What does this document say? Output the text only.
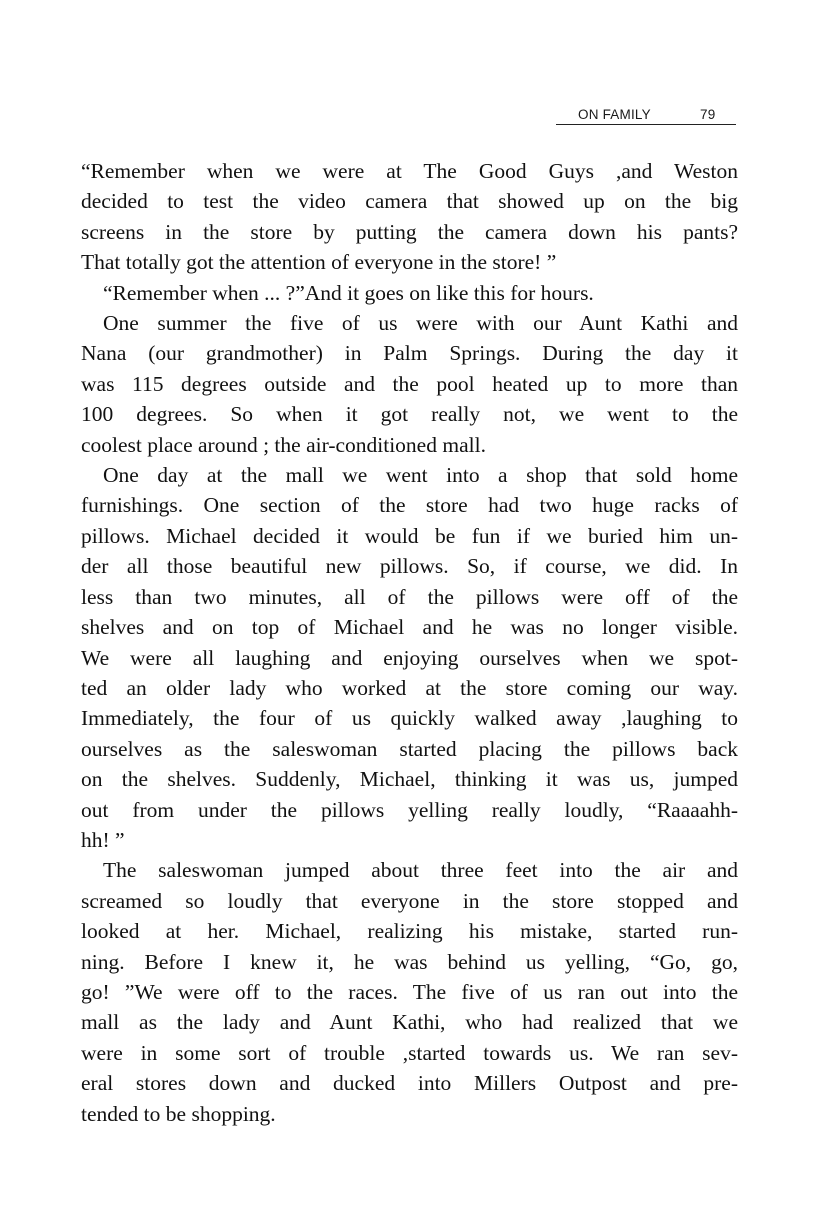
ON FAMILY	79

“Remember when we were at The Good Guys ,and Weston
decided to test the video camera that showed up on the big
screens in the store by putting the camera down his pants?
That totally got the attention of everyone in the store! ”

“Remember when ... ?”And it goes on like this for hours.

One summer the five of us were with our Aunt Kathi and
Nana (our grandmother) in Palm Springs. During the day it
was 115 degrees outside and the pool heated up to more than
100 degrees. So when it got really not, we went to the
coolest place around ; the air-conditioned mall.

One day at the mall we went into a shop that sold home
furnishings. One section of the store had two huge racks of
pillows. Michael decided it would be fun if we buried him un-
der all those beautiful new pillows. So, if course, we did. In
less than two minutes, all of the pillows were off of the
shelves and on top of Michael and he was no longer visible.
We were all laughing and enjoying ourselves when we spot-
ted an older lady who worked at the store coming our way.
Immediately, the four of us quickly walked away ,laughing to
ourselves as the saleswoman started placing the pillows back
on the shelves. Suddenly, Michael, thinking it was us, jumped
out from under the pillows yelling really loudly, “Raaaahh-
hh! ”

The saleswoman jumped about three feet into the air and
screamed so loudly that everyone in the store stopped and
looked at her. Michael, realizing his mistake, started run-
ning. Before I knew it, he was behind us yelling, “Go, go,
go! ”We were off to the races. The five of us ran out into the
mall as the lady and Aunt Kathi, who had realized that we
were in some sort of trouble ,started towards us. We ran sev-
eral stores down and ducked into Millers Outpost and pre-
tended to be shopping.
